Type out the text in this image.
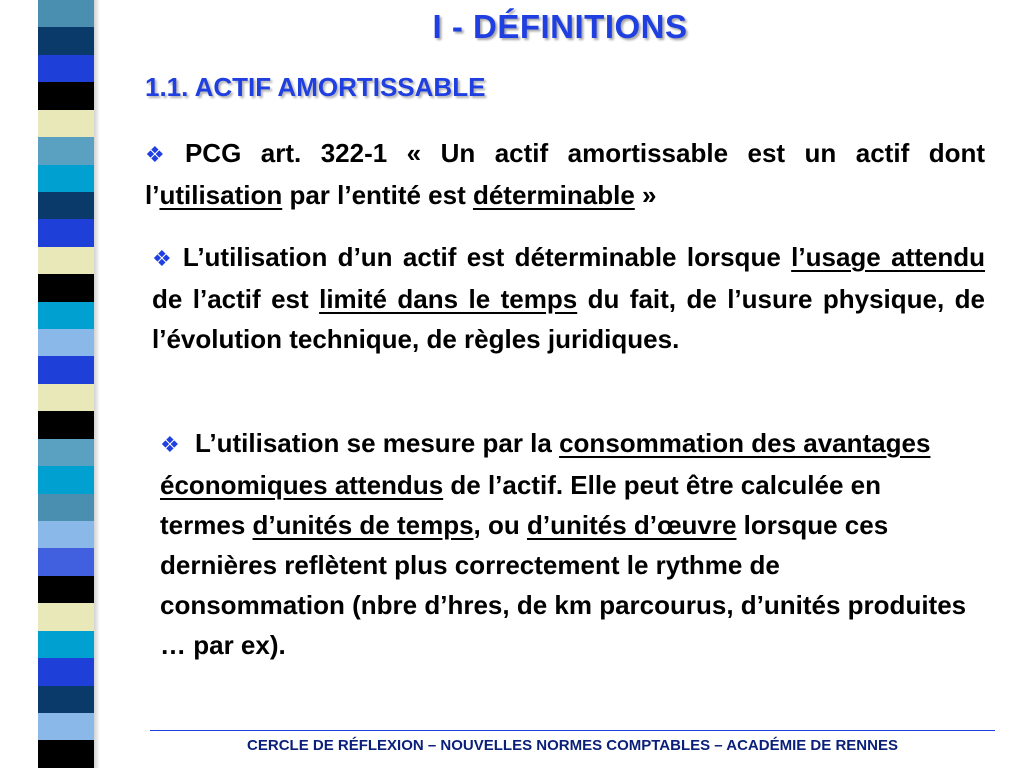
I - DÉFINITIONS
1.1. ACTIF AMORTISSABLE
❖ PCG art. 322-1 « Un actif amortissable est un actif dont l’utilisation par l’entité est déterminable »
❖ L’utilisation d’un actif est déterminable lorsque l’usage attendu de l’actif est limité dans le temps du fait, de l’usure physique, de l’évolution technique, de règles juridiques.
❖ L’utilisation se mesure par la consommation des avantages économiques attendus de l’actif. Elle peut être calculée en termes d’unités de temps, ou d’unités d’œuvre lorsque ces dernières reflètent plus correctement le rythme de consommation (nbre d’hres, de km parcourus, d’unités produites … par ex).
CERCLE DE RÉFLEXION – NOUVELLES NORMES COMPTABLES – ACADÉMIE DE RENNES
